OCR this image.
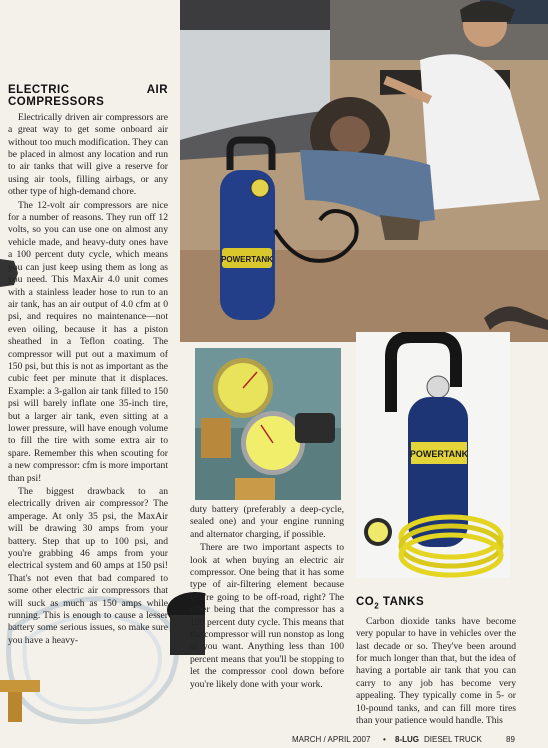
POWERTANK
POWERTANK
ELECTRIC AIR COMPRESSORS

Electrically driven air compressors are a great way to get some onboard air without too much modification. They can be placed in almost any location and run to air tanks that will give a reserve for using air tools, filling airbags, or any other type of high-demand chore.

The 12-volt air compressors are nice for a number of reasons. They run off 12 volts, so you can use one on almost any vehicle made, and heavy-duty ones have a 100 percent duty cycle, which means you can just keep using them as long as you need. This MaxAir 4.0 unit comes with a stainless leader hose to run to an air tank, has an air output of 4.0 cfm at 0 psi, and requires no maintenance—not even oiling, because it has a piston sheathed in a Teflon coating. The compressor will put out a maximum of 150 psi, but this is not as important as the cubic feet per minute that it displaces. Example: a 3-gallon air tank filled to 150 psi will barely inflate one 35-inch tire, but a larger air tank, even sitting at a lower pressure, will have enough volume to fill the tire with some extra air to spare. Remember this when scouting for a new compressor: cfm is more important than psi!

The biggest drawback to an electrically driven air compressor? The amperage. At only 35 psi, the MaxAir will be drawing 30 amps from your battery. Step that up to 100 psi, and you're grabbing 46 amps from your electrical system and 60 amps at 150 psi! That's not even that bad compared to some other electric air compressors that will suck as much as 150 amps while running. This is enough to cause a lesser battery some serious issues, so make sure you have a heavy-

duty battery (preferably a deep-cycle, sealed one) and your engine running and alternator charging, if possible.

There are two important aspects to look at when buying an electric air compressor. One being that it has some type of air-filtering element because you're going to be off-road, right? The other being that the compressor has a 100 percent duty cycle. This means that the compressor will run nonstop as long as you want. Anything less than 100 percent means that you'll be stopping to let the compressor cool down before you're likely done with your work.

$CO_2$ TANKS

Carbon dioxide tanks have become very popular to have in vehicles over the last decade or so. They've been around for much longer than that, but the idea of having a portable air tank that you can carry to any job has become very appealing. They typically come in 5- or 10-pound tanks, and can fill more tires than your patience would handle. This

MARCH / APRIL 2007 • 8-LUG DIESEL TRUCK	89
